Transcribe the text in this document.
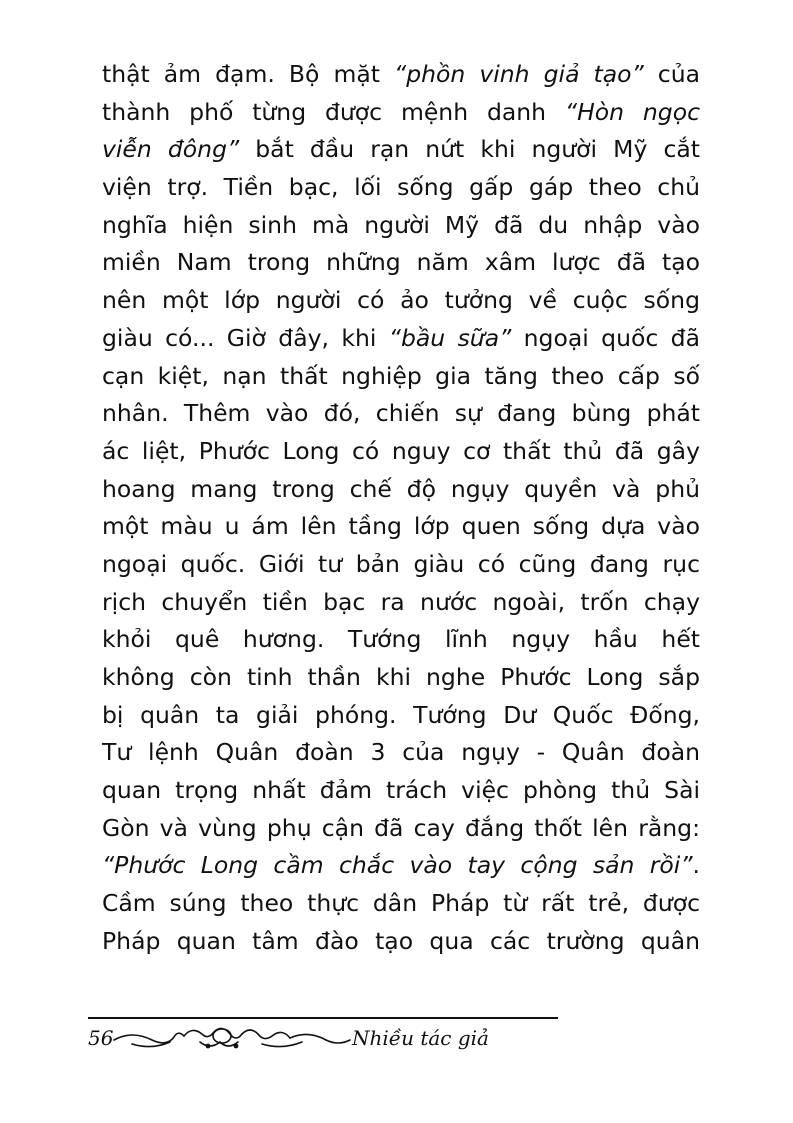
thật ảm đạm. Bộ mặt “phồn vinh giả tạo” của
thành phố từng được mệnh danh “Hòn ngọc
viễn đông” bắt đầu rạn nứt khi người Mỹ cắt
viện trợ. Tiền bạc, lối sống gấp gáp theo chủ
nghĩa hiện sinh mà người Mỹ đã du nhập vào
miền Nam trong những năm xâm lược đã tạo
nên một lớp người có ảo tưởng về cuộc sống
giàu có... Giờ đây, khi “bầu sữa” ngoại quốc đã
cạn kiệt, nạn thất nghiệp gia tăng theo cấp số
nhân. Thêm vào đó, chiến sự đang bùng phát
ác liệt, Phước Long có nguy cơ thất thủ đã gây
hoang mang trong chế độ ngụy quyền và phủ
một màu u ám lên tầng lớp quen sống dựa vào
ngoại quốc. Giới tư bản giàu có cũng đang rục
rịch chuyển tiền bạc ra nước ngoài, trốn chạy
khỏi quê hương. Tướng lĩnh ngụy hầu hết
không còn tinh thần khi nghe Phước Long sắp
bị quân ta giải phóng. Tướng Dư Quốc Đống,
Tư lệnh Quân đoàn 3 của ngụy - Quân đoàn
quan trọng nhất đảm trách việc phòng thủ Sài
Gòn và vùng phụ cận đã cay đắng thốt lên rằng:
“Phước Long cầm chắc vào tay cộng sản rồi”.
Cầm súng theo thực dân Pháp từ rất trẻ, được
Pháp quan tâm đào tạo qua các trường quân
56	Nhiều tác giả
